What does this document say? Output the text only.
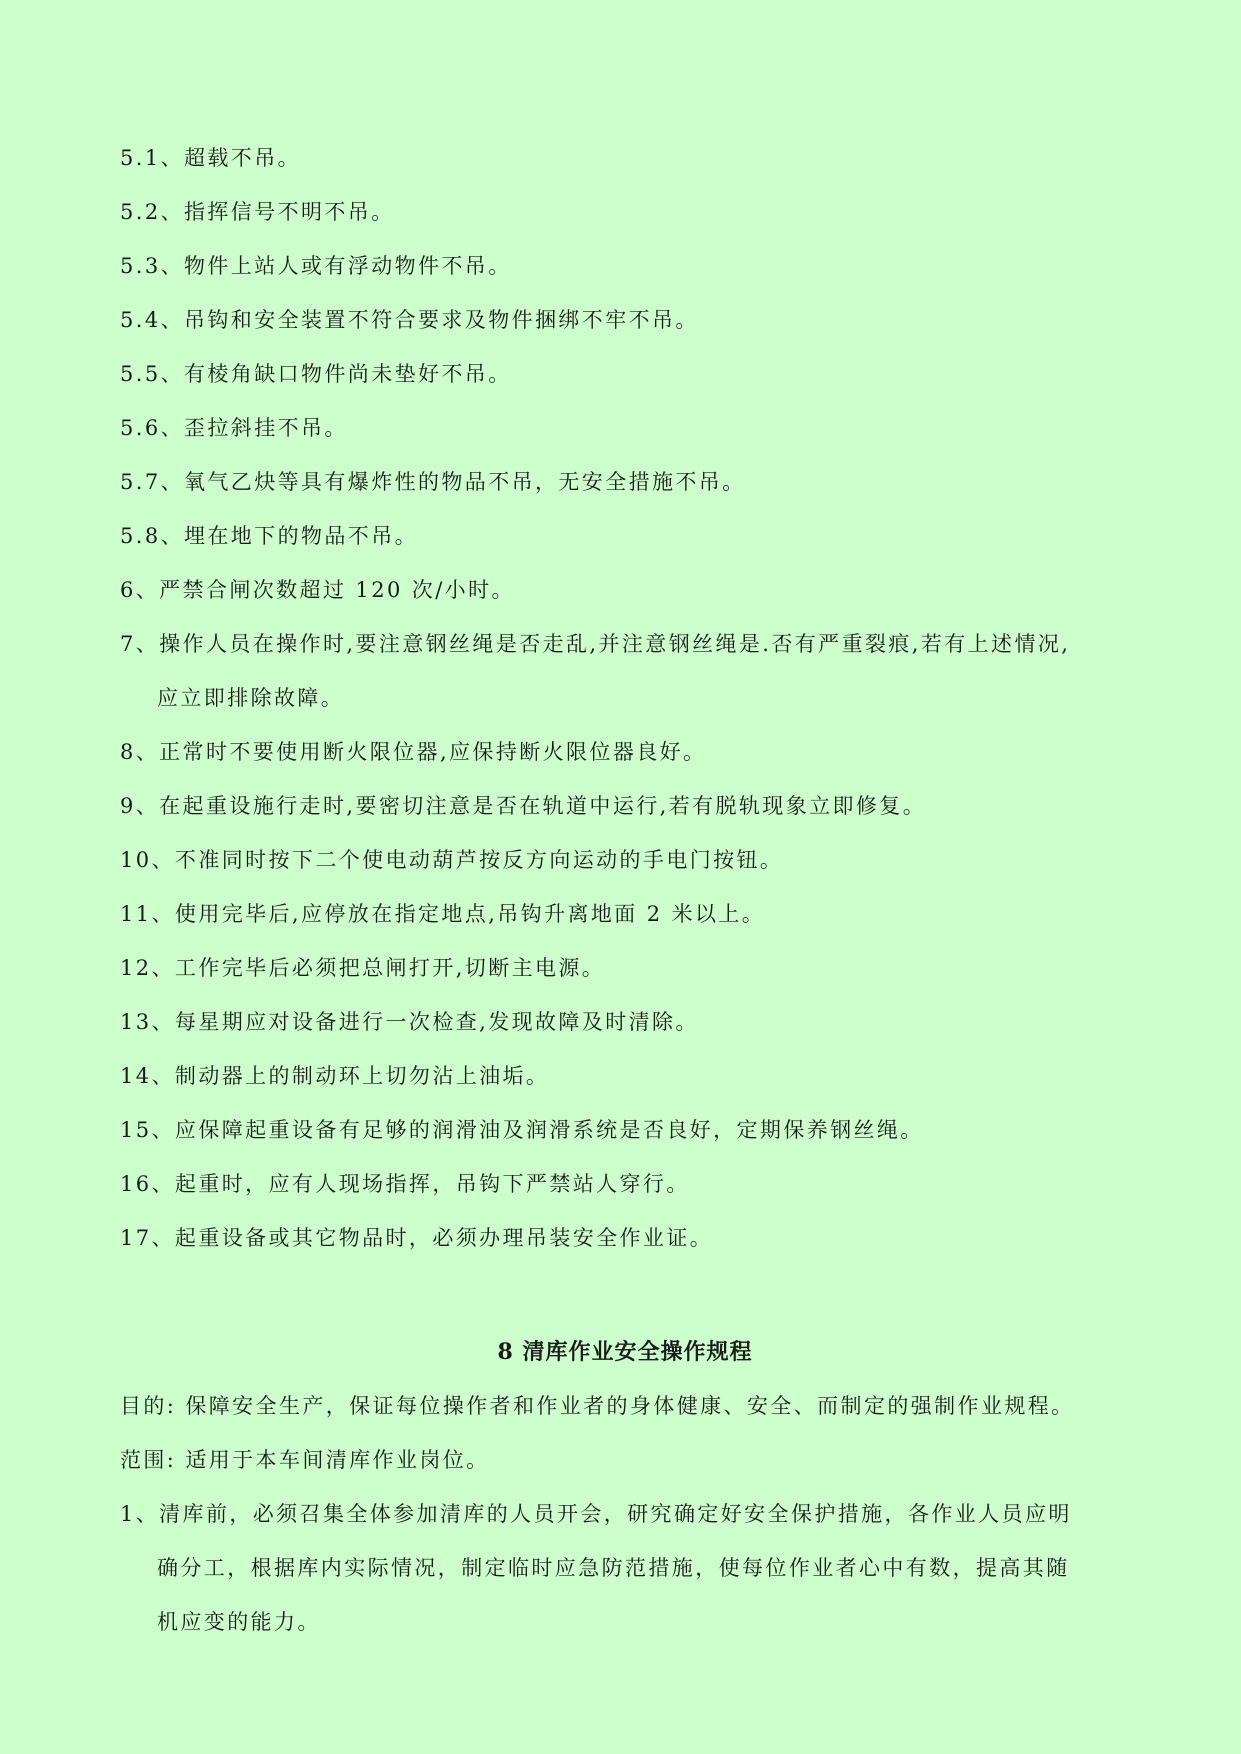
5.1、超载不吊。
5.2、指挥信号不明不吊。
5.3、物件上站人或有浮动物件不吊。
5.4、吊钩和安全装置不符合要求及物件捆绑不牢不吊。
5.5、有棱角缺口物件尚未垫好不吊。
5.6、歪拉斜挂不吊。
5.7、氧气乙炔等具有爆炸性的物品不吊，无安全措施不吊。
5.8、埋在地下的物品不吊。
6、严禁合闸次数超过 120 次/小时。
7、操作人员在操作时,要注意钢丝绳是否走乱,并注意钢丝绳是.否有严重裂痕,若有上述情况,
应立即排除故障。
8、正常时不要使用断火限位器,应保持断火限位器良好。
9、在起重设施行走时,要密切注意是否在轨道中运行,若有脱轨现象立即修复。
10、不准同时按下二个使电动葫芦按反方向运动的手电门按钮。
11、使用完毕后,应停放在指定地点,吊钩升离地面 2 米以上。
12、工作完毕后必须把总闸打开,切断主电源。
13、每星期应对设备进行一次检查,发现故障及时清除。
14、制动器上的制动环上切勿沾上油垢。
15、应保障起重设备有足够的润滑油及润滑系统是否良好，定期保养钢丝绳。
16、起重时，应有人现场指挥，吊钩下严禁站人穿行。
17、起重设备或其它物品时，必须办理吊装安全作业证。
8 清库作业安全操作规程
目的: 保障安全生产，保证每位操作者和作业者的身体健康、安全、而制定的强制作业规程。
范围: 适用于本车间清库作业岗位。
1、清库前，必须召集全体参加清库的人员开会，研究确定好安全保护措施，各作业人员应明
确分工，根据库内实际情况，制定临时应急防范措施，使每位作业者心中有数，提高其随
机应变的能力。
